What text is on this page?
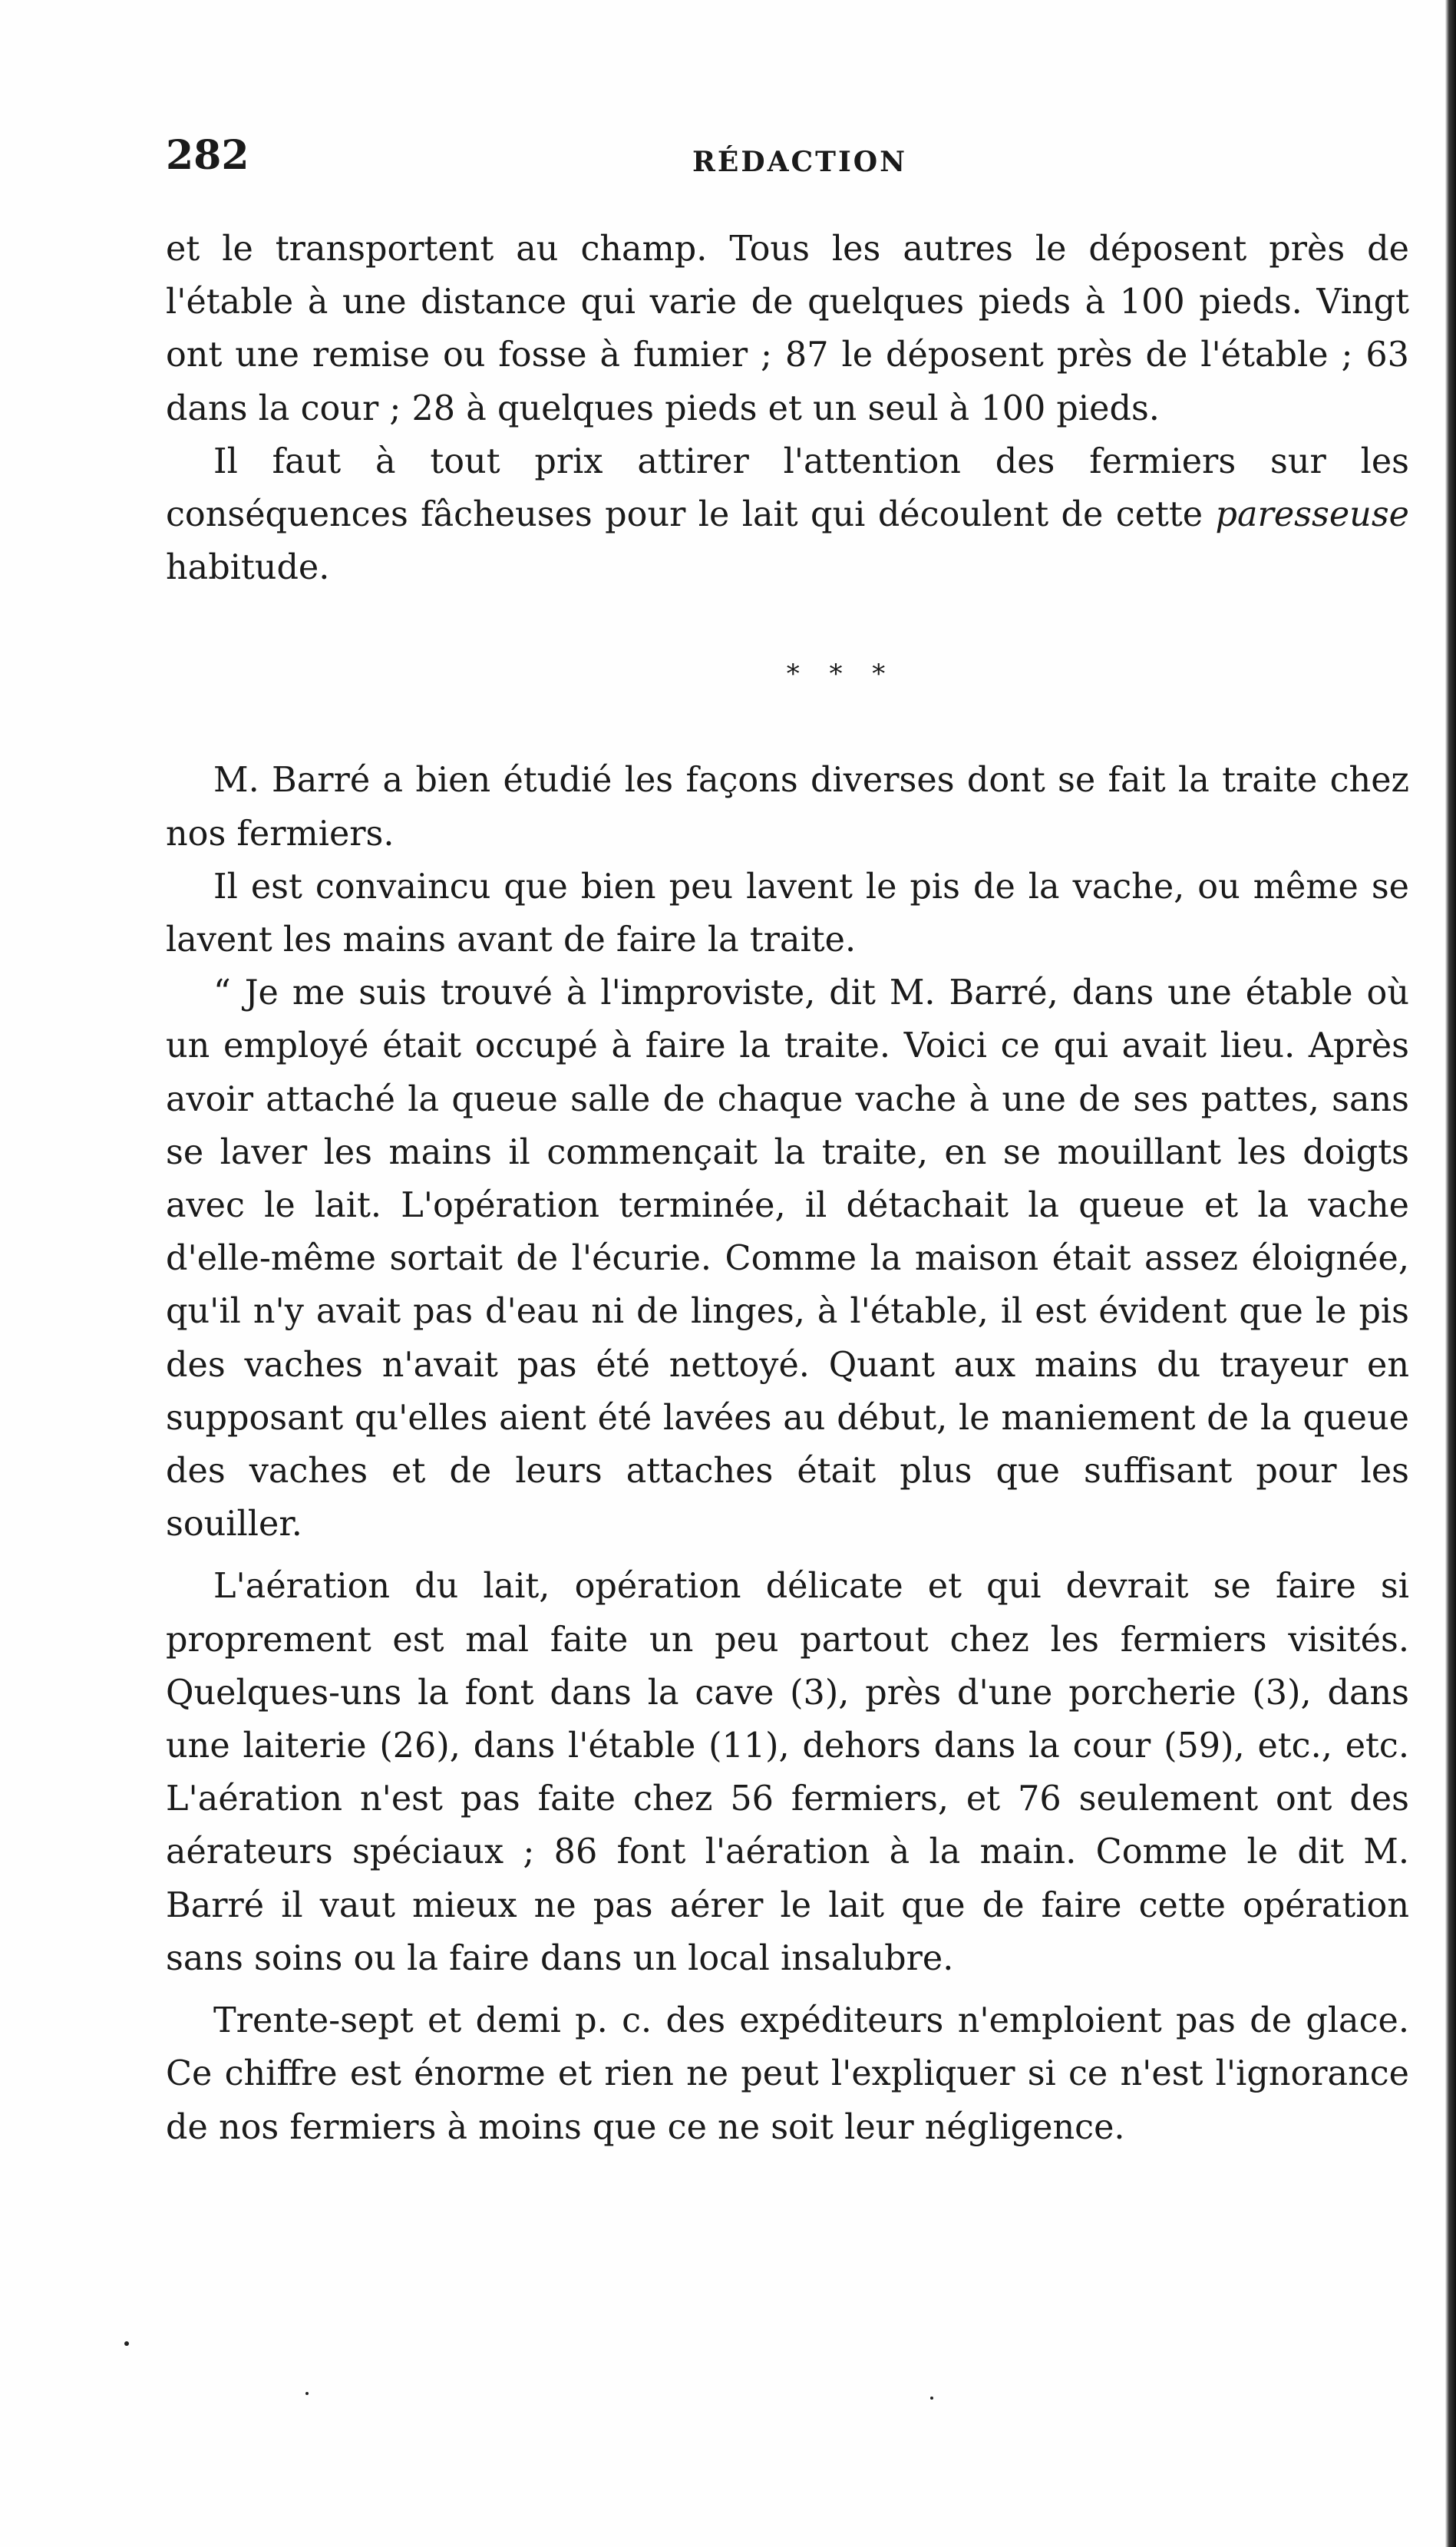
282	RÉDACTION

et le transportent au champ. Tous les autres le déposent près de l'étable à une distance qui varie de quelques pieds à 100 pieds. Vingt ont une remise ou fosse à fumier ; 87 le déposent près de l'étable ; 63 dans la cour ; 28 à quelques pieds et un seul à 100 pieds.

Il faut à tout prix attirer l'attention des fermiers sur les conséquences fâcheuses pour le lait qui découlent de cette paresseuse habitude.

* * *

M. Barré a bien étudié les façons diverses dont se fait la traite chez nos fermiers.

Il est convaincu que bien peu lavent le pis de la vache, ou même se lavent les mains avant de faire la traite.

“ Je me suis trouvé à l'improviste, dit M. Barré, dans une étable où un employé était occupé à faire la traite. Voici ce qui avait lieu. Après avoir attaché la queue salle de chaque vache à une de ses pattes, sans se laver les mains il commençait la traite, en se mouillant les doigts avec le lait. L'opération terminée, il détachait la queue et la vache d'elle-même sortait de l'écurie. Comme la maison était assez éloignée, qu'il n'y avait pas d'eau ni de linges, à l'étable, il est évident que le pis des vaches n'avait pas été nettoyé. Quant aux mains du trayeur en supposant qu'elles aient été lavées au début, le maniement de la queue des vaches et de leurs attaches était plus que suffisant pour les souiller.

L'aération du lait, opération délicate et qui devrait se faire si proprement est mal faite un peu partout chez les fermiers visités. Quelques-uns la font dans la cave (3), près d'une porcherie (3), dans une laiterie (26), dans l'étable (11), dehors dans la cour (59), etc., etc. L'aération n'est pas faite chez 56 fermiers, et 76 seulement ont des aérateurs spéciaux ; 86 font l'aération à la main. Comme le dit M. Barré il vaut mieux ne pas aérer le lait que de faire cette opération sans soins ou la faire dans un local insalubre.

Trente-sept et demi p. c. des expéditeurs n'emploient pas de glace. Ce chiffre est énorme et rien ne peut l'expliquer si ce n'est l'ignorance de nos fermiers à moins que ce ne soit leur négligence.
